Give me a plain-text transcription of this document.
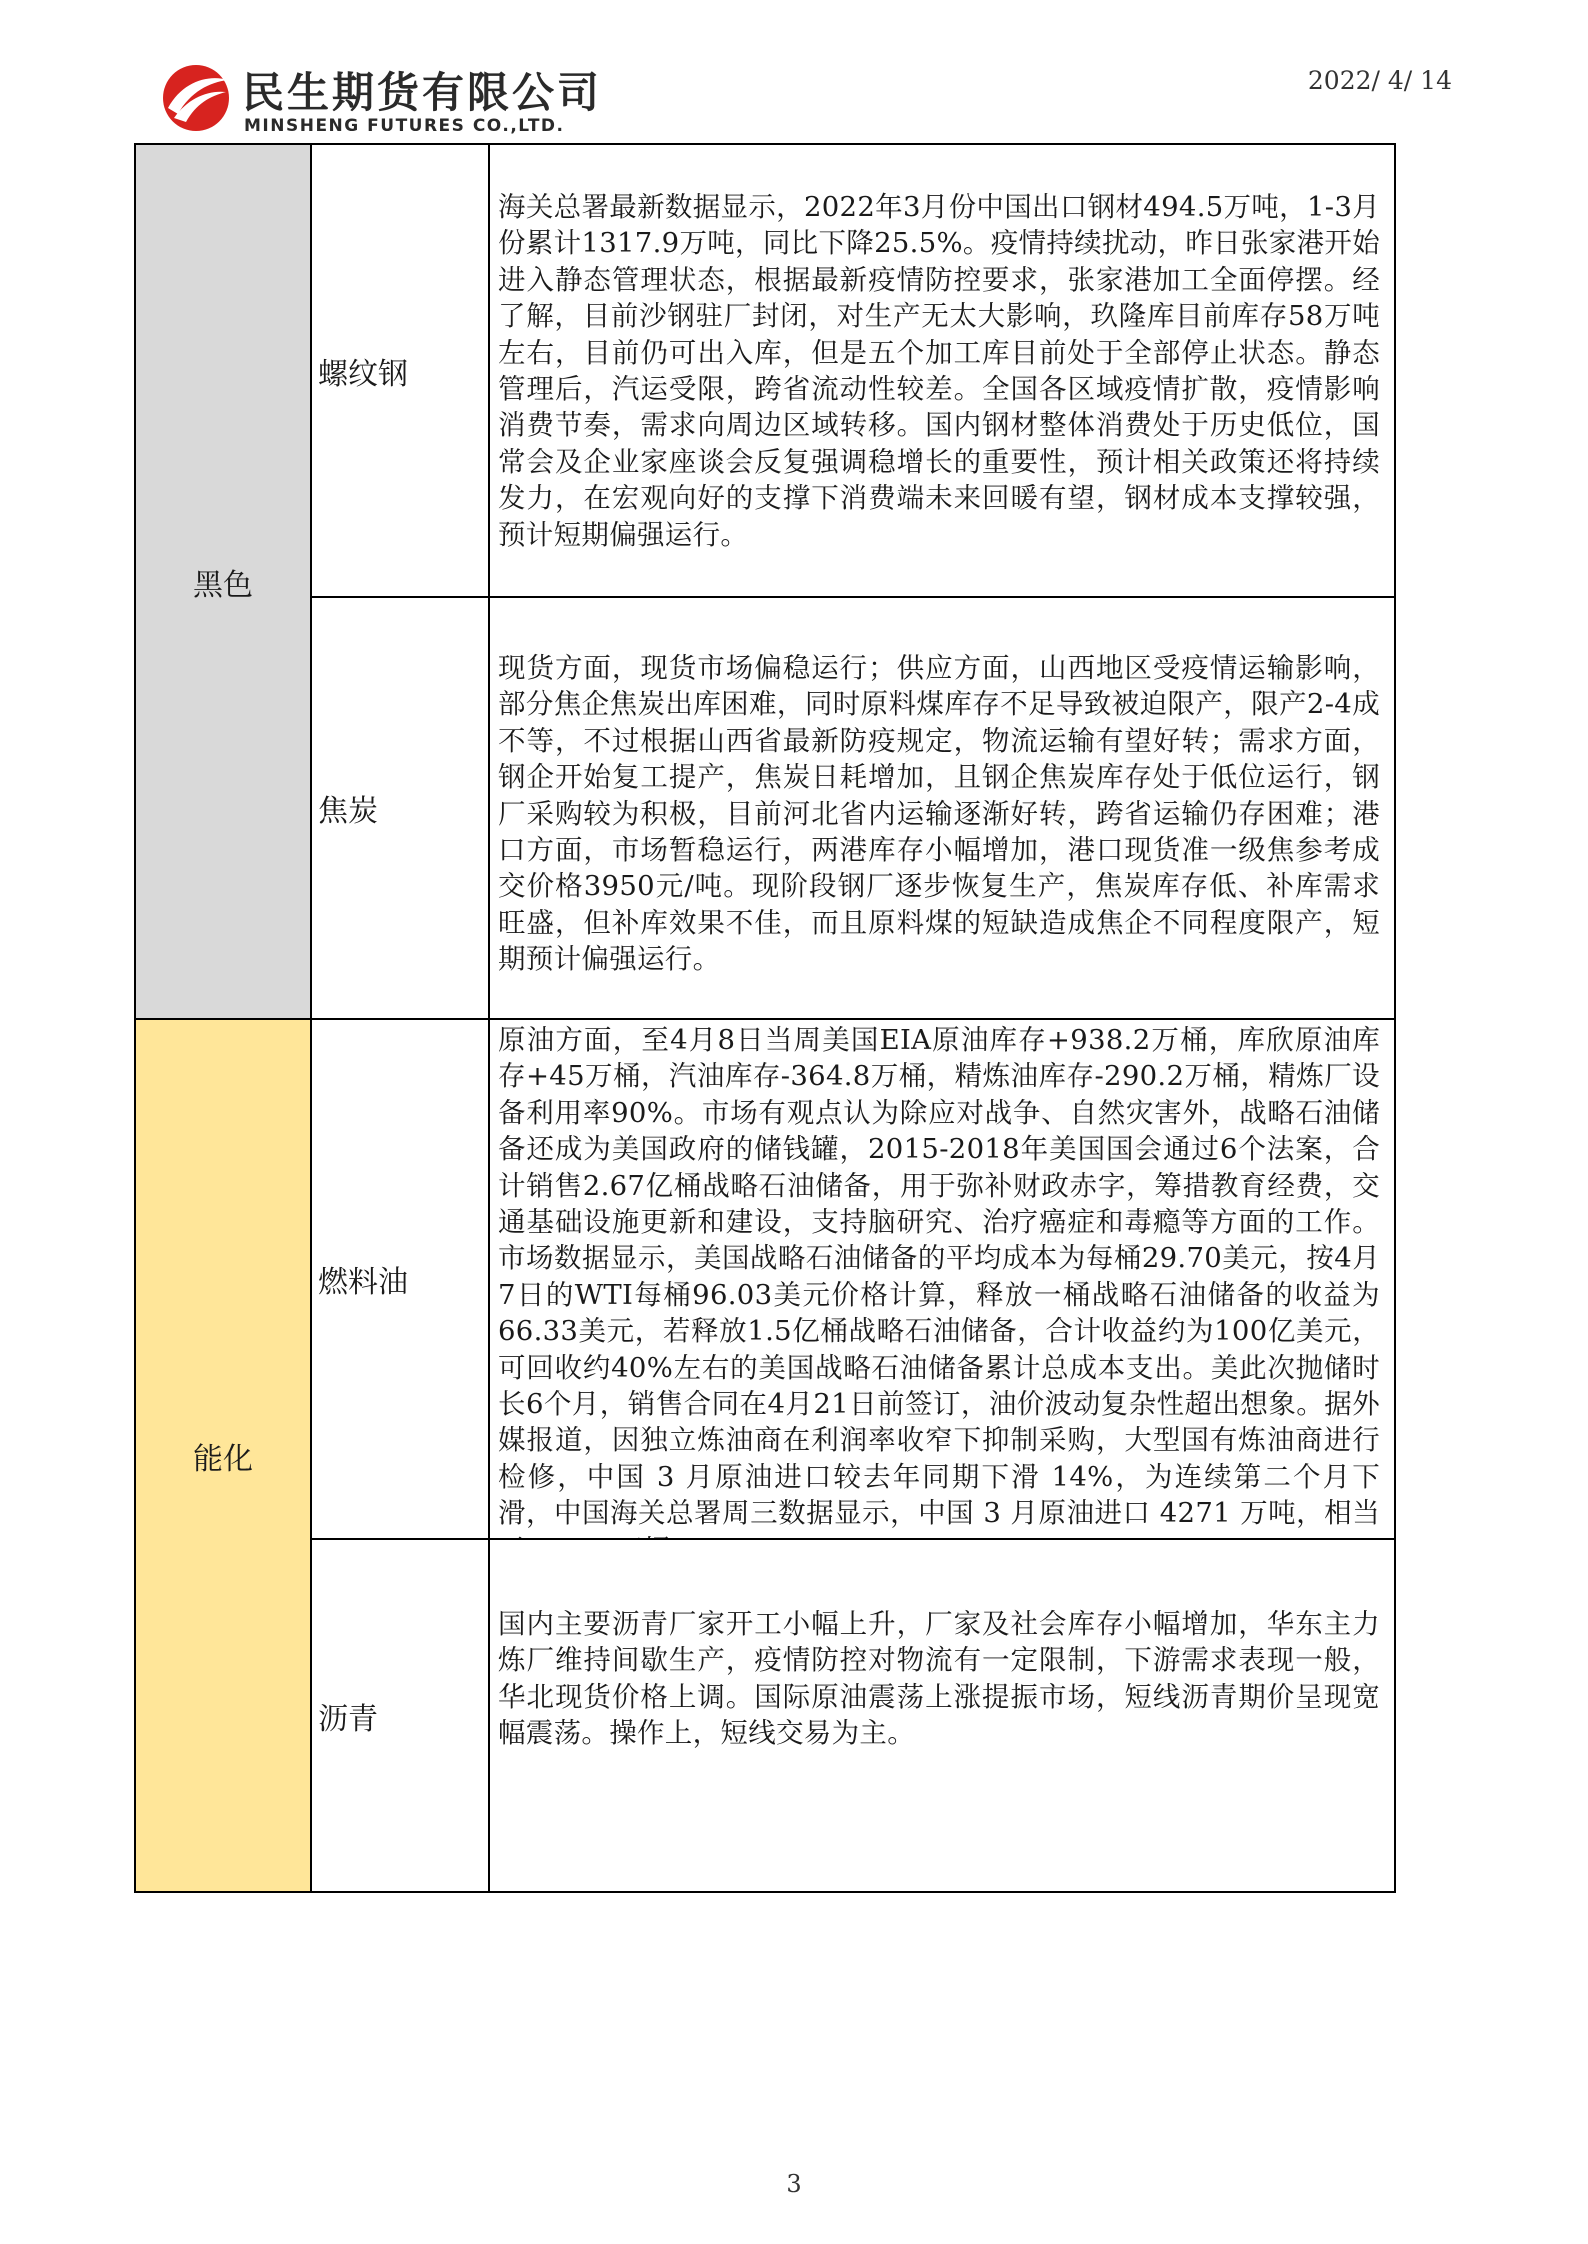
民生期货有限公司
MINSHENG FUTURES CO.,LTD.
2022/ 4/ 14
黑色
螺纹钢

海关总署最新数据显示，2022年3月份中国出口钢材494.5万吨，1-3月份累计1317.9万吨，同比下降25.5%。疫情持续扰动，昨日张家港开始进入静态管理状态，根据最新疫情防控要求，张家港加工全面停摆。经了解，目前沙钢驻厂封闭，对生产无太大影响，玖隆库目前库存58万吨左右，目前仍可出入库，但是五个加工库目前处于全部停止状态。静态管理后，汽运受限，跨省流动性较差。全国各区域疫情扩散，疫情影响消费节奏，需求向周边区域转移。国内钢材整体消费处于历史低位，国常会及企业家座谈会反复强调稳增长的重要性，预计相关政策还将持续发力，在宏观向好的支撑下消费端未来回暖有望，钢材成本支撑较强，预计短期偏强运行。

焦炭

现货方面，现货市场偏稳运行；供应方面，山西地区受疫情运输影响，部分焦企焦炭出库困难，同时原料煤库存不足导致被迫限产，限产2-4成不等，不过根据山西省最新防疫规定，物流运输有望好转；需求方面，钢企开始复工提产，焦炭日耗增加，且钢企焦炭库存处于低位运行，钢厂采购较为积极，目前河北省内运输逐渐好转，跨省运输仍存困难；港口方面，市场暂稳运行，两港库存小幅增加，港口现货准一级焦参考成交价格3950元/吨。现阶段钢厂逐步恢复生产，焦炭库存低、补库需求旺盛，但补库效果不佳，而且原料煤的短缺造成焦企不同程度限产，短期预计偏强运行。

能化
燃料油

原油方面，至4月8日当周美国EIA原油库存+938.2万桶，库欣原油库存+45万桶，汽油库存-364.8万桶，精炼油库存-290.2万桶，精炼厂设备利用率90%。市场有观点认为除应对战争、自然灾害外，战略石油储备还成为美国政府的储钱罐，2015-2018年美国国会通过6个法案，合计销售2.67亿桶战略石油储备，用于弥补财政赤字，筹措教育经费，交通基础设施更新和建设，支持脑研究、治疗癌症和毒瘾等方面的工作。市场数据显示，美国战略石油储备的平均成本为每桶29.70美元，按4月7日的WTI每桶96.03美元价格计算，释放一桶战略石油储备的收益为66.33美元，若释放1.5亿桶战略石油储备，合计收益约为100亿美元，可回收约40%左右的美国战略石油储备累计总成本支出。美此次抛储时长6个月，销售合同在4月21日前签订，油价波动复杂性超出想象。据外媒报道，因独立炼油商在利润率收窄下抑制采购，大型国有炼油商进行检修，中国 3 月原油进口较去年同期下滑 14%，为连续第二个月下滑，中国海关总署周三数据显示，中国 3 月原油进口 4271 万吨，相当

沥青

国内主要沥青厂家开工小幅上升，厂家及社会库存小幅增加，华东主力炼厂维持间歇生产，疫情防控对物流有一定限制，下游需求表现一般，华北现货价格上调。国际原油震荡上涨提振市场，短线沥青期价呈现宽幅震荡。操作上，短线交易为主。

3
